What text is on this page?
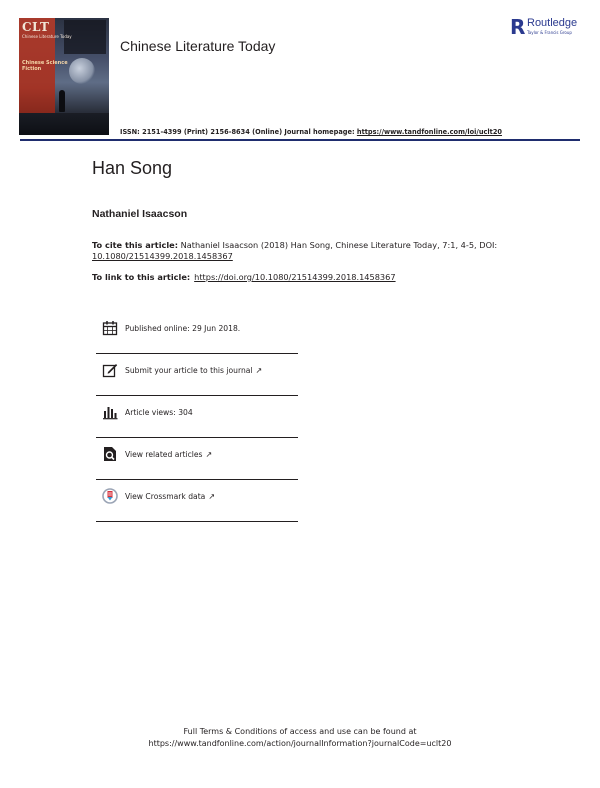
CLT
Chinese Literature Today
Chinese Science Fiction
Chinese Literature Today
R Routledge
Taylor & Francis Group
ISSN: 2151-4399 (Print) 2156-8634 (Online) Journal homepage: https://www.tandfonline.com/loi/uclt20
Han Song
Nathaniel Isaacson
To cite this article: Nathaniel Isaacson (2018) Han Song, Chinese Literature Today, 7:1, 4-5, DOI:
10.1080/21514399.2018.1458367
To link to this article: https://doi.org/10.1080/21514399.2018.1458367
Published online: 29 Jun 2018.
Submit your article to this journal ↗
Article views: 304
View related articles ↗
View Crossmark data ↗
Full Terms & Conditions of access and use can be found at
https://www.tandfonline.com/action/journalInformation?journalCode=uclt20
